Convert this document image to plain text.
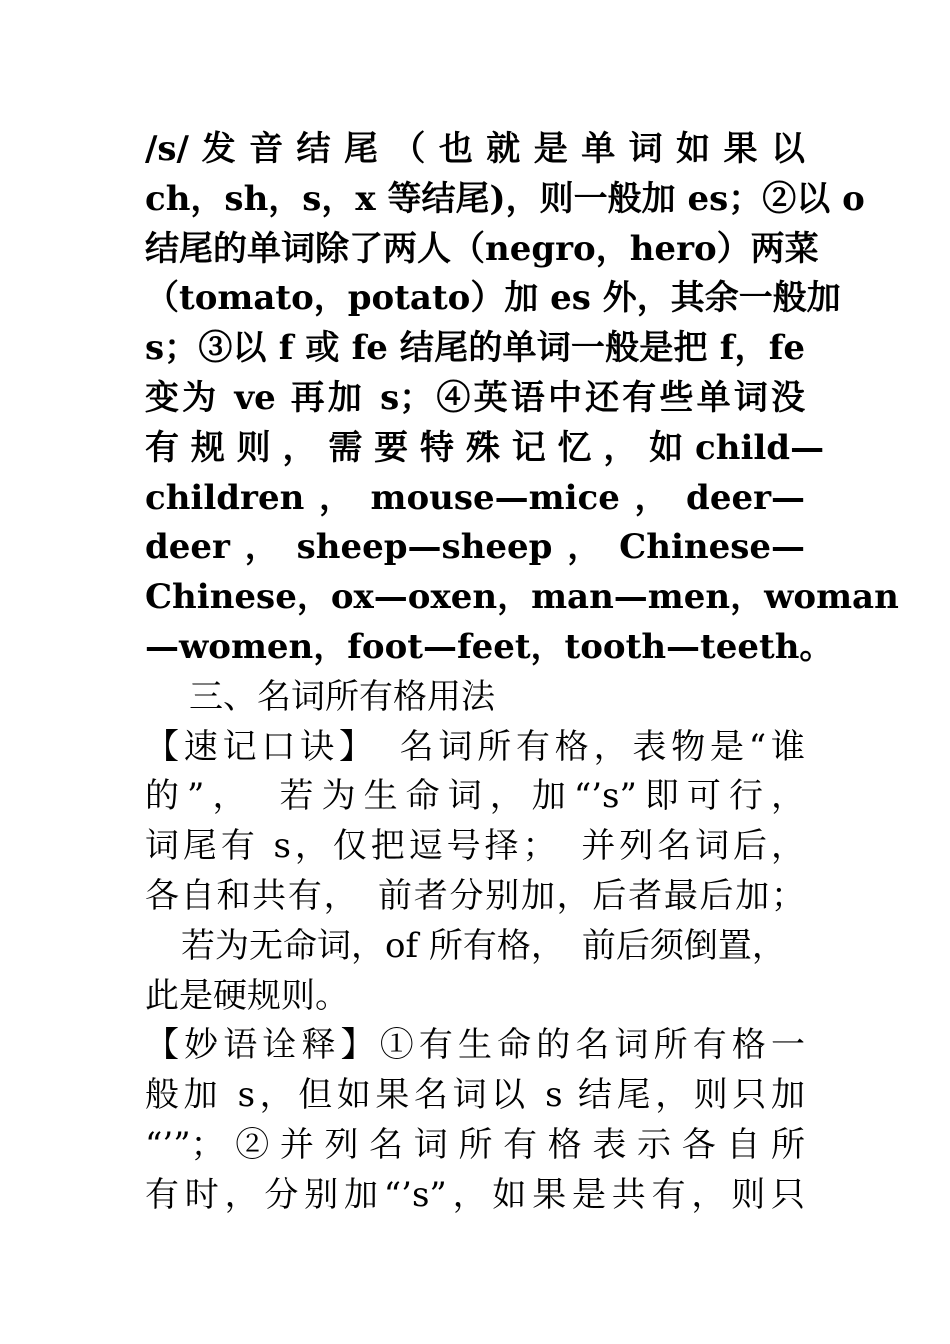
/s/ 发 音 结 尾 （ 也 就 是 单 词 如 果 以
ch，sh，s，x 等结尾)，则一般加 es；②以 o
结尾的单词除了两人（negro，hero）两菜
（tomato，potato）加 es 外，其余一般加
s；③以 f 或 fe 结尾的单词一般是把 f，fe
变为 ve 再加 s；④英语中还有些单词没
有 规 则 ， 需 要 特 殊 记 忆 ， 如 child—
children ， mouse—mice ， deer—
deer ， sheep—sheep ， Chinese—
Chinese，ox—oxen，man—men，woman
—women，foot—feet，tooth—teeth。
三、名词所有格用法
【速记口诀】　名词所有格，表物是“谁
的”，　若为生命词，加“’s”即可行，
词尾有 s，仅把逗号择；　并列名词后，
各自和共有，　前者分别加，后者最后加；
若为无命词，of 所有格，　前后须倒置，
此是硬规则。
【妙语诠释】①有生命的名词所有格一
般加 s，但如果名词以 s 结尾，则只加
“’”；②并列名词所有格表示各自所
有时，分别加“’s”，如果是共有，则只
